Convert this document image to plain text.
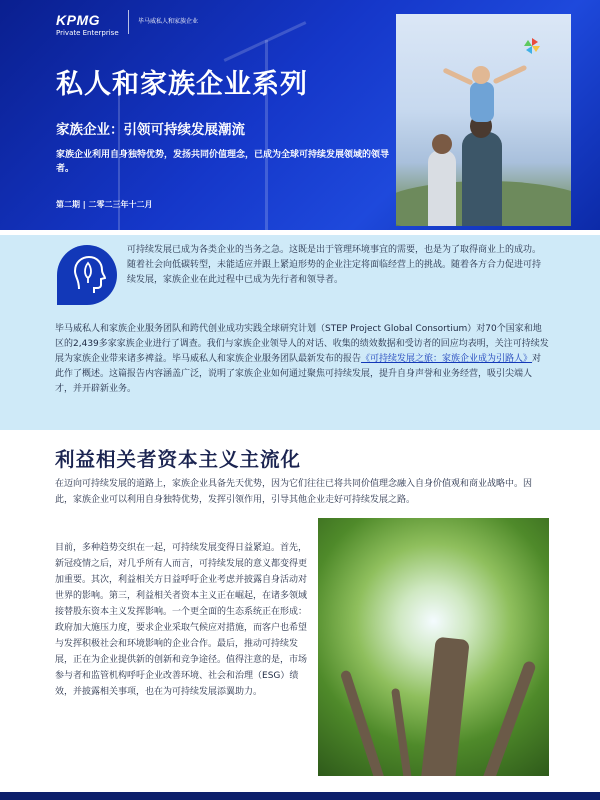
KPMG
Private Enterprise
毕马威私人和家族企业
私人和家族企业系列
家族企业：引领可持续发展潮流
家族企业利用自身独特优势，发扬共同价值理念，已成为全球可持续发展领域的领导者。
第二期 | 二零二三年十二月
可持续发展已成为各类企业的当务之急。这既是出于管理环境事宜的需要，也是为了取得商业上的成功。随着社会向低碳转型，未能适应并跟上紧迫形势的企业注定将面临经营上的挑战。随着各方合力促进可持续发展，家族企业在此过程中已成为先行者和领导者。
毕马威私人和家族企业服务团队和跨代创业成功实践全球研究计划（STEP Project Global Consortium）对70个国家和地区的2,439多家家族企业进行了调查。我们与家族企业领导人的对话、收集的绩效数据和受访者的回应均表明，关注可持续发展为家族企业带来诸多裨益。毕马威私人和家族企业服务团队最新发布的报告《可持续发展之旅：家族企业成为引路人》对此作了概述。这篇报告内容涵盖广泛，说明了家族企业如何通过聚焦可持续发展，提升自身声誉和业务经营，吸引尖端人才，并开辟新业务。
利益相关者资本主义主流化
在迈向可持续发展的道路上，家族企业具备先天优势，因为它们往往已将共同价值理念融入自身价值观和商业战略中。因此，家族企业可以利用自身独特优势，发挥引领作用，引导其他企业走好可持续发展之路。
目前，多种趋势交织在一起，可持续发展变得日益紧迫。首先，新冠疫情之后，对几乎所有人而言，可持续发展的意义都变得更加重要。其次，利益相关方日益呼吁企业考虑并披露自身活动对世界的影响。第三，利益相关者资本主义正在崛起，在诸多领域接替股东资本主义发挥影响。一个更全面的生态系统正在形成：政府加大施压力度，要求企业采取气候应对措施，而客户也希望与发挥积极社会和环境影响的企业合作。最后，推动可持续发展，正在为企业提供新的创新和竞争途径。值得注意的是，市场参与者和监管机构呼吁企业改善环境、社会和治理（ESG）绩效，并披露相关事项，也在为可持续发展添翼助力。
